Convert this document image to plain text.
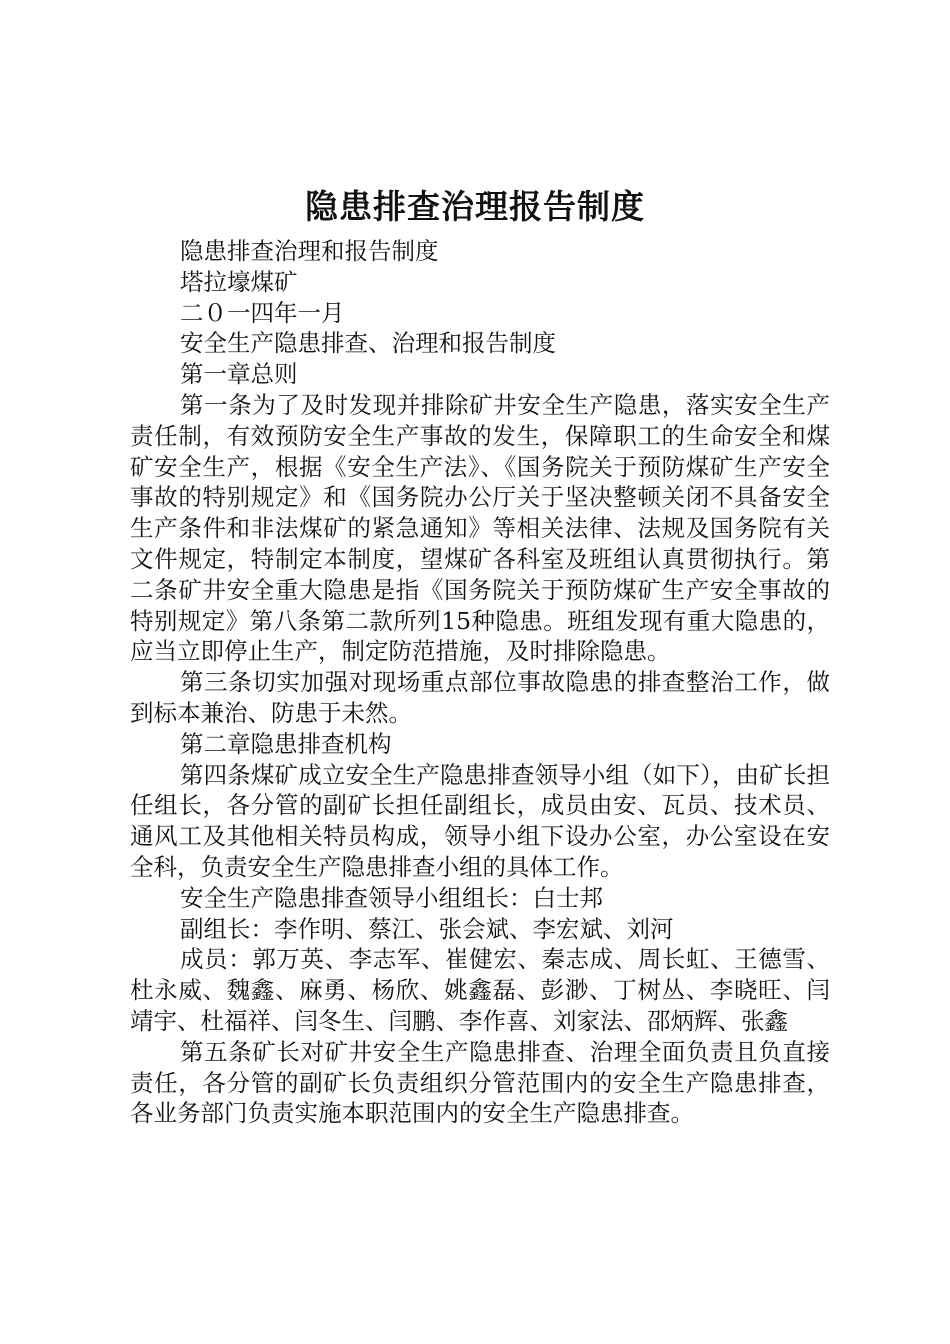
隐患排查治理报告制度

隐患排查治理和报告制度

塔拉壕煤矿

二０一四年一月

安全生产隐患排查、治理和报告制度

第一章总则

第一条为了及时发现并排除矿井安全生产隐患，落实安全生产责任制，有效预防安全生产事故的发生，保障职工的生命安全和煤矿安全生产，根据《安全生产法》、《国务院关于预防煤矿生产安全事故的特别规定》和《国务院办公厅关于坚决整顿关闭不具备安全生产条件和非法煤矿的紧急通知》等相关法律、法规及国务院有关文件规定，特制定本制度，望煤矿各科室及班组认真贯彻执行。第二条矿井安全重大隐患是指《国务院关于预防煤矿生产安全事故的特别规定》第八条第二款所列15种隐患。班组发现有重大隐患的，应当立即停止生产，制定防范措施，及时排除隐患。

第三条切实加强对现场重点部位事故隐患的排查整治工作，做到标本兼治、防患于未然。

第二章隐患排查机构

第四条煤矿成立安全生产隐患排查领导小组（如下），由矿长担任组长，各分管的副矿长担任副组长，成员由安、瓦员、技术员、通风工及其他相关特员构成，领导小组下设办公室，办公室设在安全科，负责安全生产隐患排查小组的具体工作。

安全生产隐患排查领导小组组长：白士邦

副组长：李作明、蔡江、张会斌、李宏斌、刘河

成员：郭万英、李志军、崔健宏、秦志成、周长虹、王德雪、杜永威、魏鑫、麻勇、杨欣、姚鑫磊、彭渺、丁树丛、李晓旺、闫靖宇、杜福祥、闫冬生、闫鹏、李作喜、刘家法、邵炳辉、张鑫

第五条矿长对矿井安全生产隐患排查、治理全面负责且负直接责任，各分管的副矿长负责组织分管范围内的安全生产隐患排查，各业务部门负责实施本职范围内的安全生产隐患排查。
